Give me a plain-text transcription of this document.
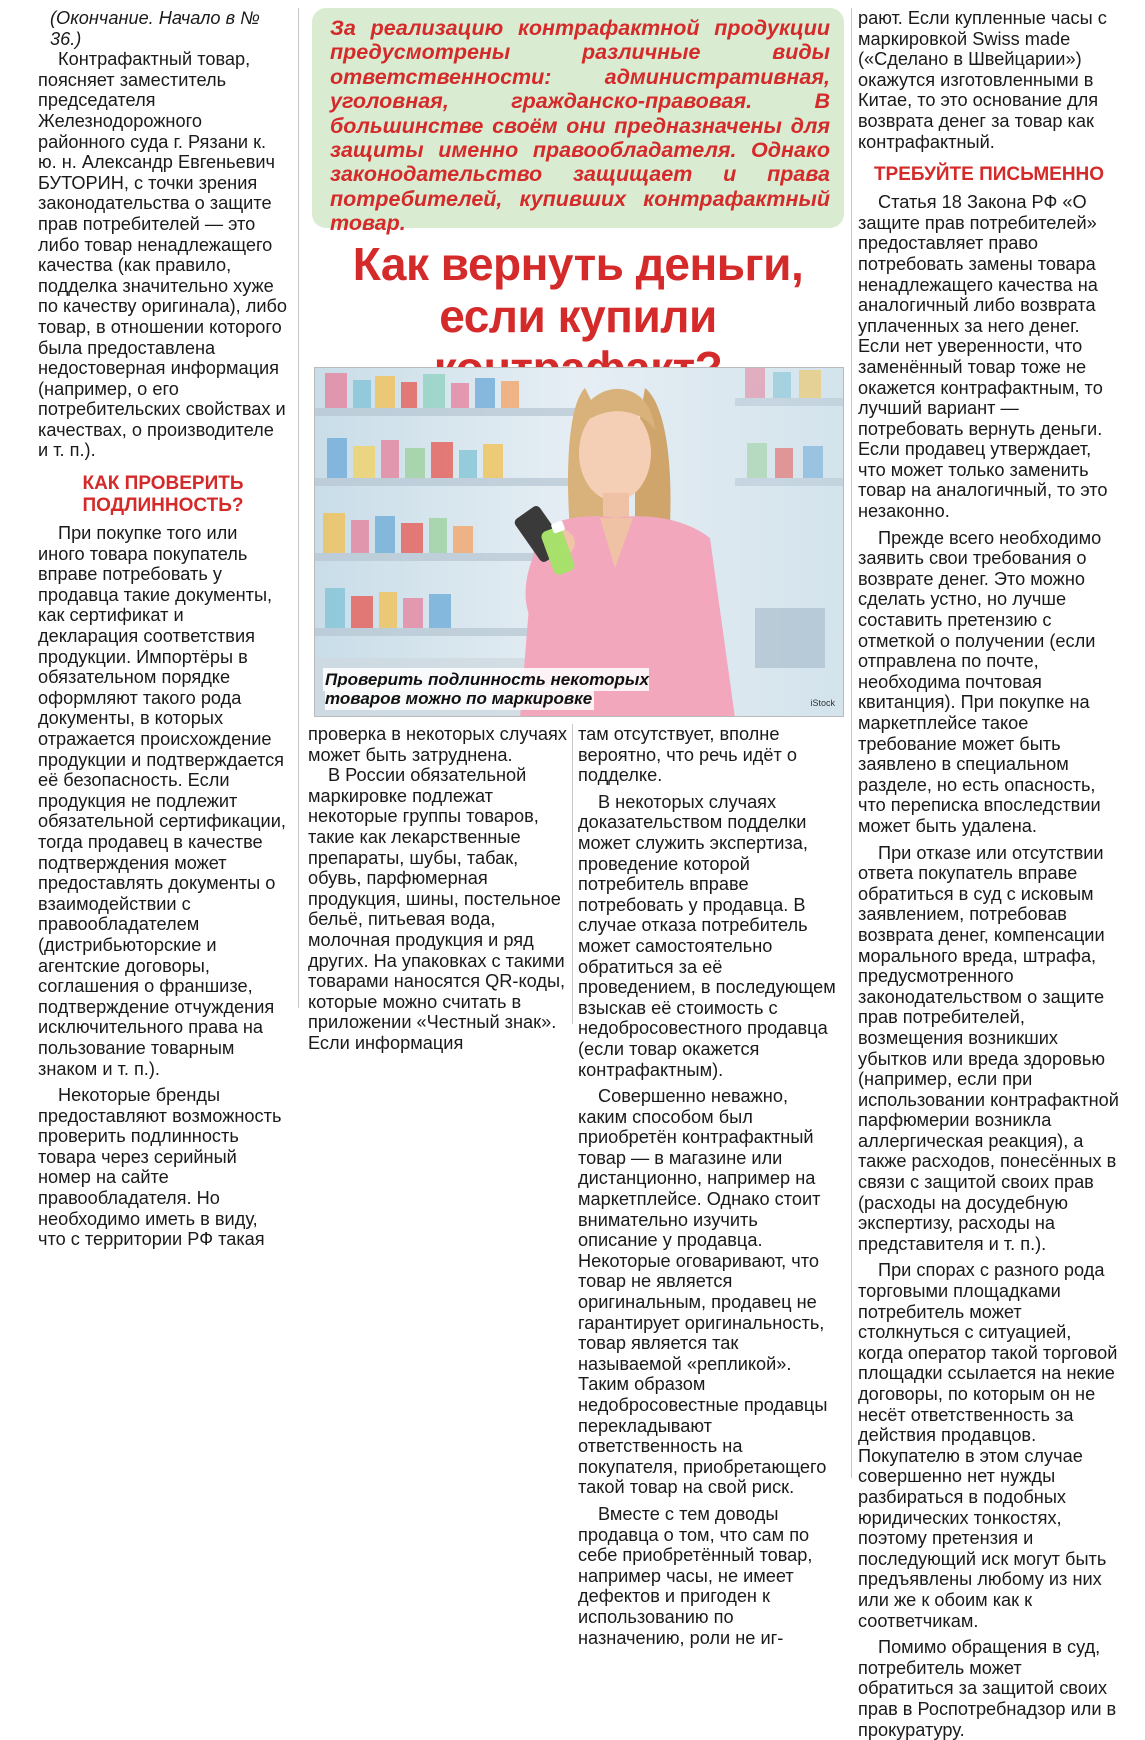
(Окончание. Начало в № 36.)

Контрафактный товар, поясняет заместитель председателя Железнодорожного районного суда г. Рязани к. ю. н. Александр Евгеньевич БУТОРИН, с точки зрения законодательства о защите прав потребителей — это либо товар ненадлежащего качества (как правило, подделка значительно хуже по качеству оригинала), либо товар, в отношении которого была предоставлена недостоверная информация (например, о его потребительских свойствах и качествах, о производителе и т. п.).

КАК ПРОВЕРИТЬ ПОДЛИННОСТЬ?

При покупке того или иного товара покупатель вправе потребовать у продавца такие документы, как сертификат и декларация соответствия продукции. Импортёры в обязательном порядке оформляют такого рода документы, в которых отражается происхождение продукции и подтверждается её безопасность. Если продукция не подлежит обязательной сертификации, тогда продавец в качестве подтверждения может предоставлять документы о взаимодействии с правообладателем (дистрибьюторские и агентские договоры, соглашения о франшизе, подтверждение отчуждения исключительного права на пользование товарным знаком и т. п.).

Некоторые бренды предоставляют возможность проверить подлинность товара через серийный номер на сайте правообладателя. Но необходимо иметь в виду, что с территории РФ такая

За реализацию контрафактной продукции предусмотрены различные виды ответственности: административная, уголовная, гражданско-правовая. В большинстве своём они предназначены для защиты именно правообладателя. Однако законодательство защищает и права потребителей, купивших контрафактный товар.
Как вернуть деньги, если купили
Проверить подлинность некоторых товаров можно по маркировке	iStock

проверка в некоторых случаях может быть затруднена.

В России обязательной маркировке подлежат некоторые группы товаров, такие как лекарственные препараты, шубы, табак, обувь, парфюмерная продукция, шины, постельное бельё, питьевая вода, молочная продукция и ряд других. На упаковках с такими товарами наносятся QR-коды, которые можно считать в приложении «Честный знак». Если информация

там отсутствует, вполне вероятно, что речь идёт о подделке.

В некоторых случаях доказательством подделки может служить экспертиза, проведение которой потребитель вправе потребовать у продавца. В случае отказа потребитель может самостоятельно обратиться за её проведением, в последующем взыскав её стоимость с недобросовестного продавца (если товар окажется контрафактным).

Совершенно неважно, каким способом был приобретён контрафактный товар — в магазине или дистанционно, например на маркетплейсе. Однако стоит внимательно изучить описание у продавца. Некоторые оговаривают, что товар не является оригинальным, продавец не гарантирует оригинальность, товар является так называемой «репликой». Таким образом недобросовестные продавцы перекладывают ответственность на покупателя, приобретающего такой товар на свой риск.

Вместе с тем доводы продавца о том, что сам по себе приобретённый товар, например часы, не имеет дефектов и пригоден к использованию по назначению, роли не иг-

рают. Если купленные часы с маркировкой Swiss made («Сделано в Швейцарии») окажутся изготовленными в Китае, то это основание для возврата денег за товар как контрафактный.

ТРЕБУЙТЕ ПИСЬМЕННО

Статья 18 Закона РФ «О защите прав потребителей» предоставляет право потребовать замены товара ненадлежащего качества на аналогичный либо возврата уплаченных за него денег. Если нет уверенности, что заменённый товар тоже не окажется контрафактным, то лучший вариант — потребовать вернуть деньги. Если продавец утверждает, что может только заменить товар на аналогичный, то это незаконно.

Прежде всего необходимо заявить свои требования о возврате денег. Это можно сделать устно, но лучше составить претензию с отметкой о получении (если отправлена по почте, необходима почтовая квитанция). При покупке на маркетплейсе такое требование может быть заявлено в специальном разделе, но есть опасность, что переписка впоследствии может быть удалена.

При отказе или отсутствии ответа покупатель вправе обратиться в суд с исковым заявлением, потребовав возврата денег, компенсации морального вреда, штрафа, предусмотренного законодательством о защите прав потребителей, возмещения возникших убытков или вреда здоровью (например, если при использовании контрафактной парфюмерии возникла аллергическая реакция), а также расходов, понесённых в связи с защитой своих прав (расходы на досудебную экспертизу, расходы на представителя и т. п.).

При спорах с разного рода торговыми площадками потребитель может столкнуться с ситуацией, когда оператор такой торговой площадки ссылается на некие договоры, по которым он не несёт ответственность за действия продавцов. Покупателю в этом случае совершенно нет нужды разбираться в подобных юридических тонкостях, поэтому претензия и последующий иск могут быть предъявлены любому из них или же к обоим как к соответчикам.

Помимо обращения в суд, потребитель может обратиться за защитой своих прав в Роспотребнадзор или в прокуратуру.
